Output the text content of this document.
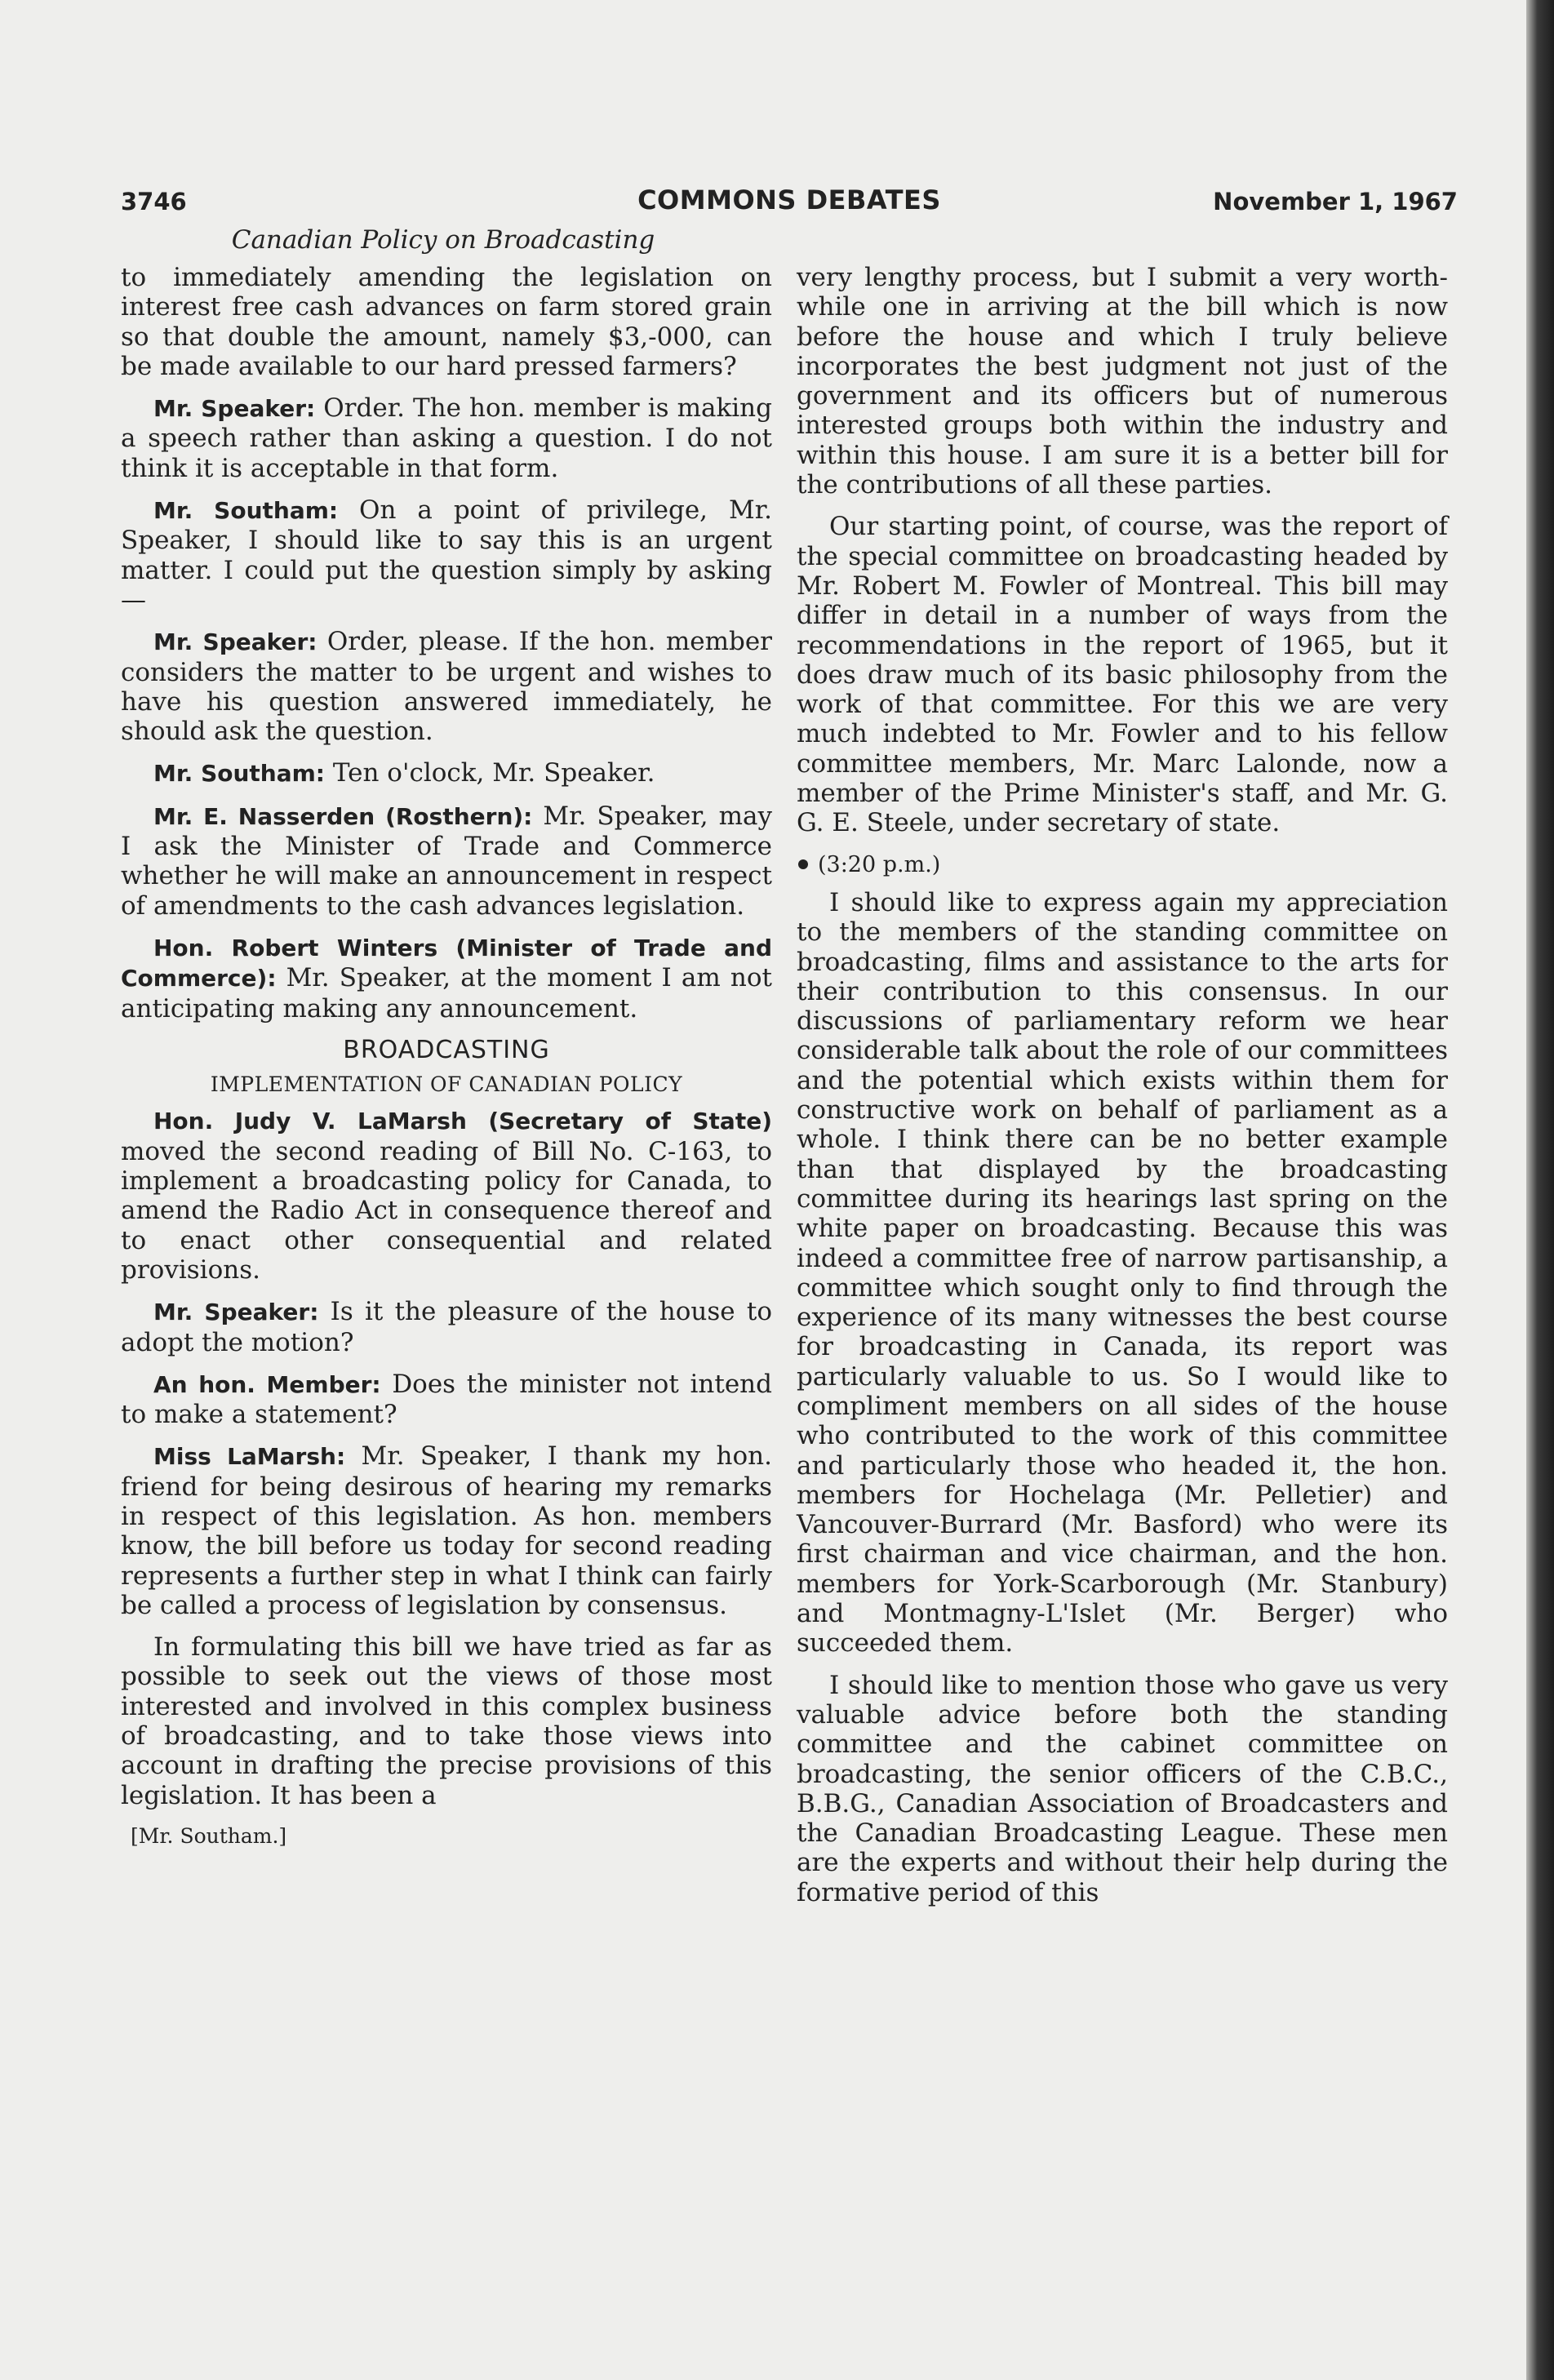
3746	COMMONS DEBATES	November 1, 1967
Canadian Policy on Broadcasting

to immediately amending the legislation on interest free cash advances on farm stored grain so that double the amount, namely $3,-000, can be made available to our hard pressed farmers?

Mr. Speaker: Order. The hon. member is making a speech rather than asking a question. I do not think it is acceptable in that form.

Mr. Southam: On a point of privilege, Mr. Speaker, I should like to say this is an urgent matter. I could put the question simply by asking—

Mr. Speaker: Order, please. If the hon. member considers the matter to be urgent and wishes to have his question answered immediately, he should ask the question.

Mr. Southam: Ten o'clock, Mr. Speaker.

Mr. E. Nasserden (Rosthern): Mr. Speaker, may I ask the Minister of Trade and Commerce whether he will make an announcement in respect of amendments to the cash advances legislation.

Hon. Robert Winters (Minister of Trade and Commerce): Mr. Speaker, at the moment I am not anticipating making any announcement.

BROADCASTING
IMPLEMENTATION OF CANADIAN POLICY

Hon. Judy V. LaMarsh (Secretary of State) moved the second reading of Bill No. C-163, to implement a broadcasting policy for Canada, to amend the Radio Act in consequence thereof and to enact other consequential and related provisions.

Mr. Speaker: Is it the pleasure of the house to adopt the motion?

An hon. Member: Does the minister not intend to make a statement?

Miss LaMarsh: Mr. Speaker, I thank my hon. friend for being desirous of hearing my remarks in respect of this legislation. As hon. members know, the bill before us today for second reading represents a further step in what I think can fairly be called a process of legislation by consensus.

In formulating this bill we have tried as far as possible to seek out the views of those most interested and involved in this complex business of broadcasting, and to take those views into account in drafting the precise provisions of this legislation. It has been a

very lengthy process, but I submit a very worth-while one in arriving at the bill which is now before the house and which I truly believe incorporates the best judgment not just of the government and its officers but of numerous interested groups both within the industry and within this house. I am sure it is a better bill for the contributions of all these parties.

Our starting point, of course, was the report of the special committee on broadcasting headed by Mr. Robert M. Fowler of Montreal. This bill may differ in detail in a number of ways from the recommendations in the report of 1965, but it does draw much of its basic philosophy from the work of that committee. For this we are very much indebted to Mr. Fowler and to his fellow committee members, Mr. Marc Lalonde, now a member of the Prime Minister's staff, and Mr. G. G. E. Steele, under secretary of state.

(3:20 p.m.)

I should like to express again my appreciation to the members of the standing committee on broadcasting, films and assistance to the arts for their contribution to this consensus. In our discussions of parliamentary reform we hear considerable talk about the role of our committees and the potential which exists within them for constructive work on behalf of parliament as a whole. I think there can be no better example than that displayed by the broadcasting committee during its hearings last spring on the white paper on broadcasting. Because this was indeed a committee free of narrow partisanship, a committee which sought only to find through the experience of its many witnesses the best course for broadcasting in Canada, its report was particularly valuable to us. So I would like to compliment members on all sides of the house who contributed to the work of this committee and particularly those who headed it, the hon. members for Hochelaga (Mr. Pelletier) and Vancouver-Burrard (Mr. Basford) who were its first chairman and vice chairman, and the hon. members for York-Scarborough (Mr. Stanbury) and Montmagny-L'Islet (Mr. Berger) who succeeded them.

I should like to mention those who gave us very valuable advice before both the standing committee and the cabinet committee on broadcasting, the senior officers of the C.B.C., B.B.G., Canadian Association of Broadcasters and the Canadian Broadcasting League. These men are the experts and without their help during the formative period of this

[Mr. Southam.]
